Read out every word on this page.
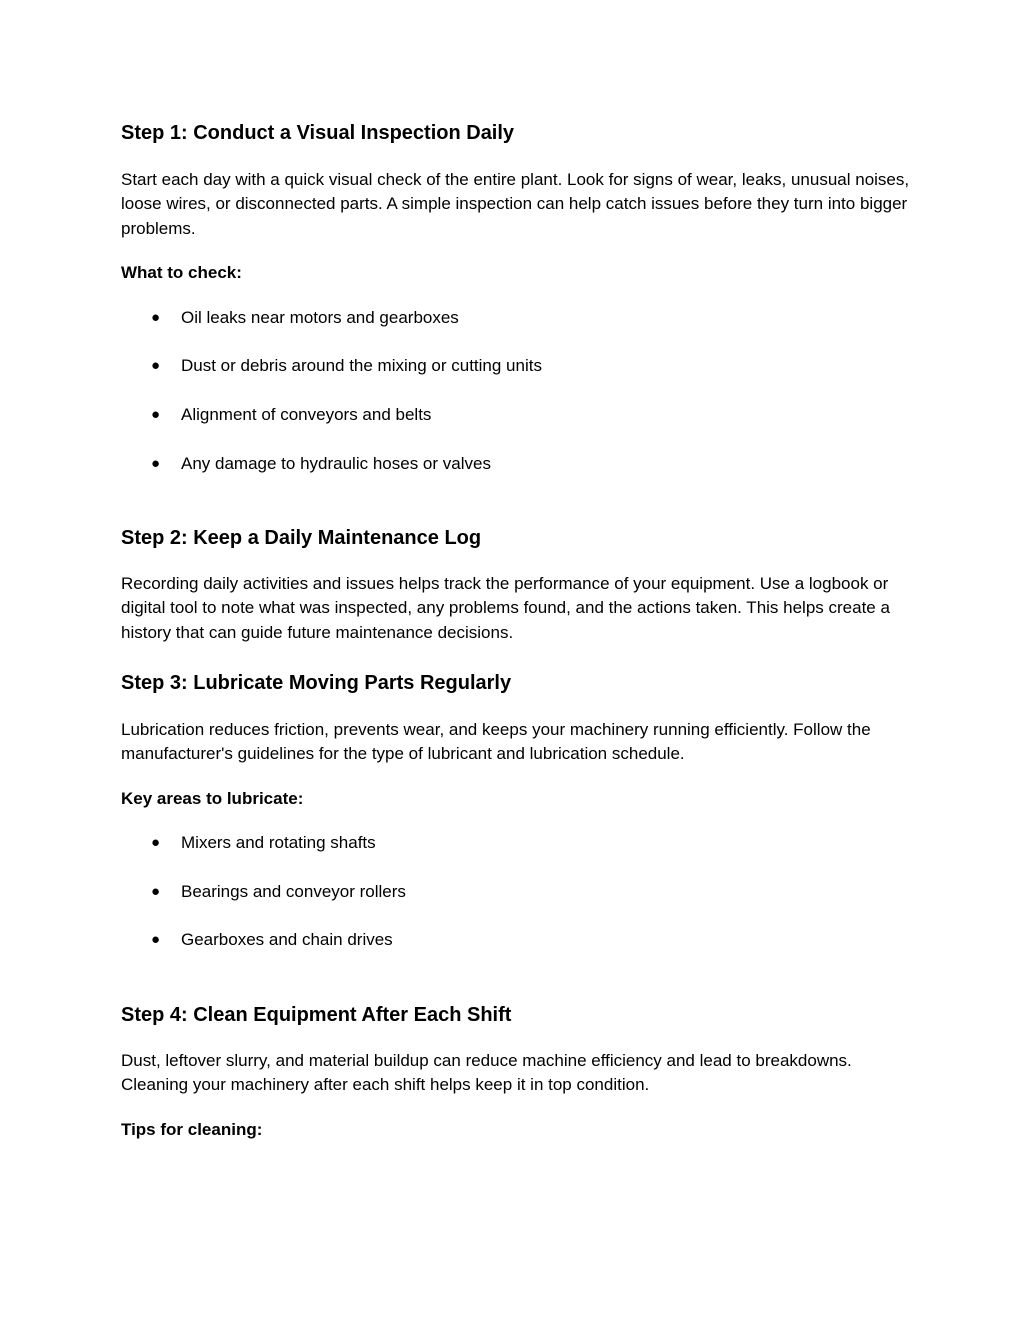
Step 1: Conduct a Visual Inspection Daily

Start each day with a quick visual check of the entire plant. Look for signs of wear, leaks, unusual noises, loose wires, or disconnected parts. A simple inspection can help catch issues before they turn into bigger problems.

What to check:

● Oil leaks near motors and gearboxes
● Dust or debris around the mixing or cutting units
● Alignment of conveyors and belts
● Any damage to hydraulic hoses or valves
Step 2: Keep a Daily Maintenance Log

Recording daily activities and issues helps track the performance of your equipment. Use a logbook or digital tool to note what was inspected, any problems found, and the actions taken. This helps create a history that can guide future maintenance decisions.

Step 3: Lubricate Moving Parts Regularly

Lubrication reduces friction, prevents wear, and keeps your machinery running efficiently. Follow the manufacturer's guidelines for the type of lubricant and lubrication schedule.

Key areas to lubricate:

● Mixers and rotating shafts
● Bearings and conveyor rollers
● Gearboxes and chain drives
Step 4: Clean Equipment After Each Shift

Dust, leftover slurry, and material buildup can reduce machine efficiency and lead to breakdowns. Cleaning your machinery after each shift helps keep it in top condition.

Tips for cleaning:
